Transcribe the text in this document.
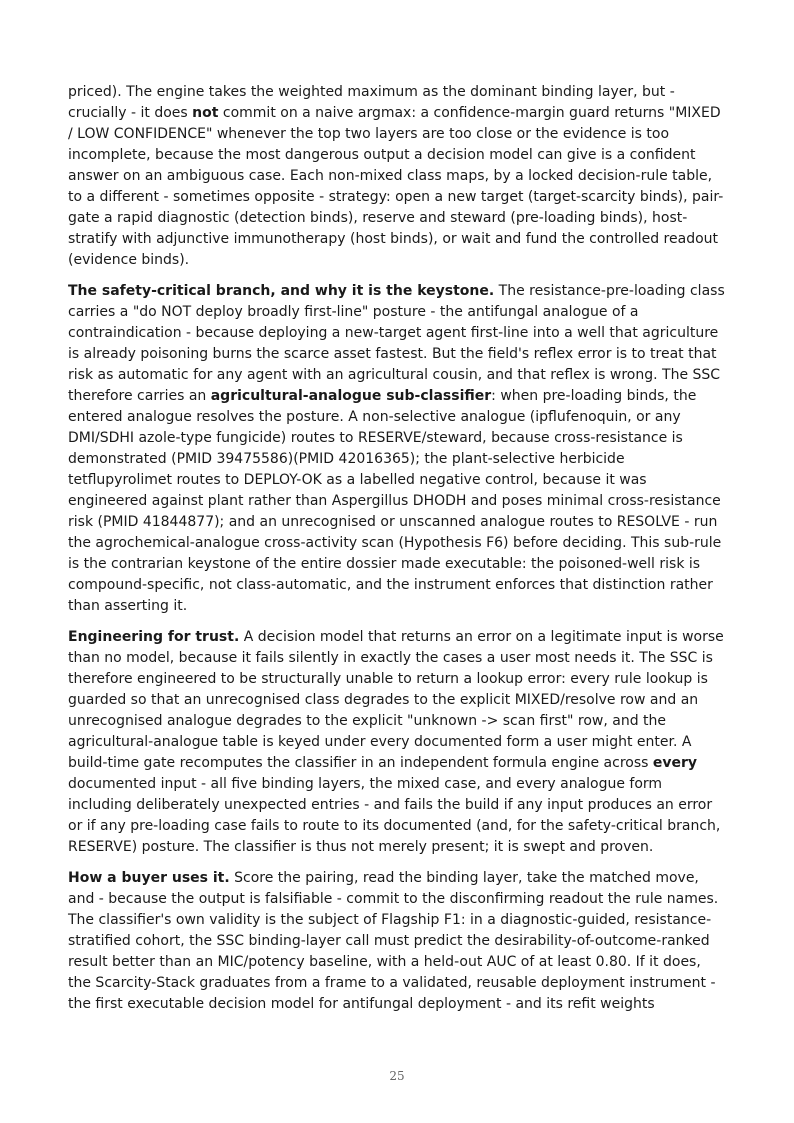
priced). The engine takes the weighted maximum as the dominant binding layer, but - crucially - it does not commit on a naive argmax: a confidence-margin guard returns "MIXED / LOW CONFIDENCE" whenever the top two layers are too close or the evidence is too incomplete, because the most dangerous output a decision model can give is a confident answer on an ambiguous case. Each non-mixed class maps, by a locked decision-rule table, to a different - sometimes opposite - strategy: open a new target (target-scarcity binds), pair-gate a rapid diagnostic (detection binds), reserve and steward (pre-loading binds), host-stratify with adjunctive immunotherapy (host binds), or wait and fund the controlled readout (evidence binds).

The safety-critical branch, and why it is the keystone. The resistance-pre-loading class carries a "do NOT deploy broadly first-line" posture - the antifungal analogue of a contraindication - because deploying a new-target agent first-line into a well that agriculture is already poisoning burns the scarce asset fastest. But the field's reflex error is to treat that risk as automatic for any agent with an agricultural cousin, and that reflex is wrong. The SSC therefore carries an agricultural-analogue sub-classifier: when pre-loading binds, the entered analogue resolves the posture. A non-selective analogue (ipflufenoquin, or any DMI/SDHI azole-type fungicide) routes to RESERVE/steward, because cross-resistance is demonstrated (PMID 39475586)(PMID 42016365); the plant-selective herbicide tetflupyrolimet routes to DEPLOY-OK as a labelled negative control, because it was engineered against plant rather than Aspergillus DHODH and poses minimal cross-resistance risk (PMID 41844877); and an unrecognised or unscanned analogue routes to RESOLVE - run the agrochemical-analogue cross-activity scan (Hypothesis F6) before deciding. This sub-rule is the contrarian keystone of the entire dossier made executable: the poisoned-well risk is compound-specific, not class-automatic, and the instrument enforces that distinction rather than asserting it.

Engineering for trust. A decision model that returns an error on a legitimate input is worse than no model, because it fails silently in exactly the cases a user most needs it. The SSC is therefore engineered to be structurally unable to return a lookup error: every rule lookup is guarded so that an unrecognised class degrades to the explicit MIXED/resolve row and an unrecognised analogue degrades to the explicit "unknown -> scan first" row, and the agricultural-analogue table is keyed under every documented form a user might enter. A build-time gate recomputes the classifier in an independent formula engine across every documented input - all five binding layers, the mixed case, and every analogue form including deliberately unexpected entries - and fails the build if any input produces an error or if any pre-loading case fails to route to its documented (and, for the safety-critical branch, RESERVE) posture. The classifier is thus not merely present; it is swept and proven.

How a buyer uses it. Score the pairing, read the binding layer, take the matched move, and - because the output is falsifiable - commit to the disconfirming readout the rule names. The classifier's own validity is the subject of Flagship F1: in a diagnostic-guided, resistance-stratified cohort, the SSC binding-layer call must predict the desirability-of-outcome-ranked result better than an MIC/potency baseline, with a held-out AUC of at least 0.80. If it does, the Scarcity-Stack graduates from a frame to a validated, reusable deployment instrument - the first executable decision model for antifungal deployment - and its refit weights

25
